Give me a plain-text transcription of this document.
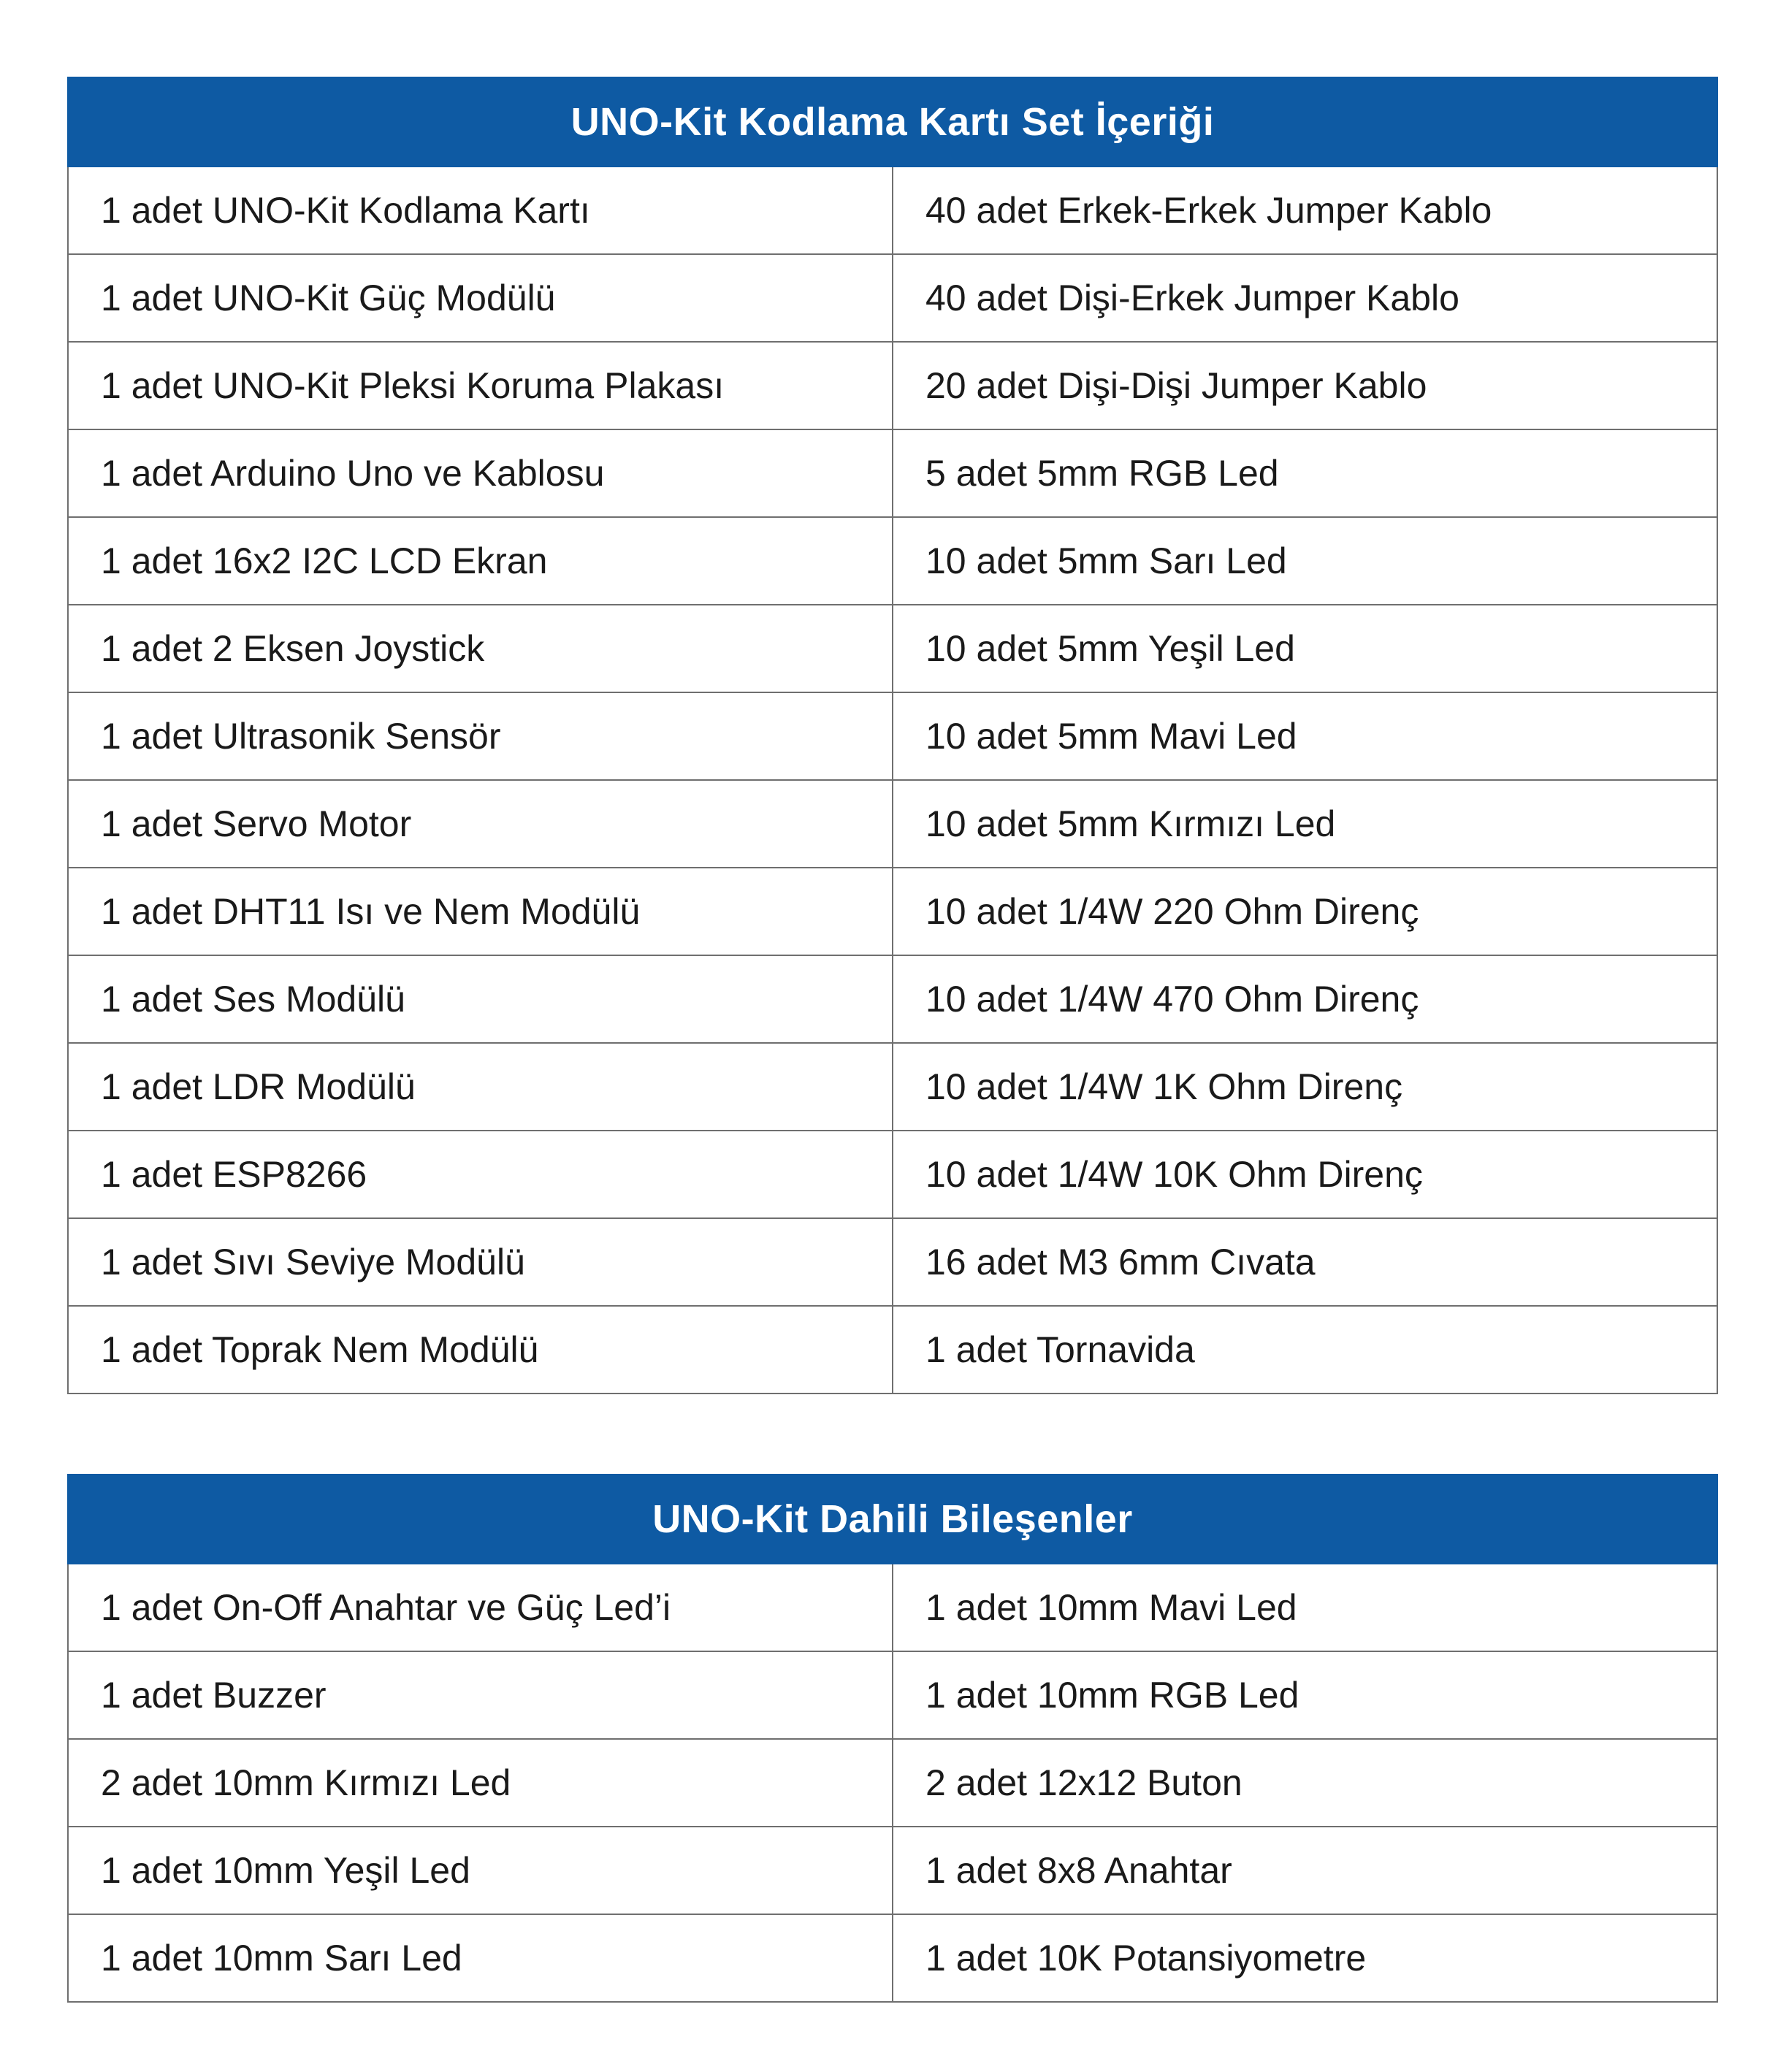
UNO-Kit Kodlama Kartı Set İçeriği	
1 adet UNO-Kit Kodlama Kartı	40 adet Erkek-Erkek Jumper Kablo
1 adet UNO-Kit Güç Modülü	40 adet Dişi-Erkek Jumper Kablo
1 adet UNO-Kit Pleksi Koruma Plakası	20 adet Dişi-Dişi Jumper Kablo
1 adet Arduino Uno ve Kablosu	5 adet 5mm RGB Led
1 adet 16x2 I2C LCD Ekran	10 adet 5mm Sarı Led
1 adet 2 Eksen Joystick	10 adet 5mm Yeşil Led
1 adet Ultrasonik Sensör	10 adet 5mm Mavi Led
1 adet Servo Motor	10 adet 5mm Kırmızı Led
1 adet DHT11 Isı ve Nem Modülü	10 adet 1/4W 220 Ohm Direnç
1 adet Ses Modülü	10 adet 1/4W 470 Ohm Direnç
1 adet LDR Modülü	10 adet 1/4W 1K Ohm Direnç
1 adet ESP8266	10 adet 1/4W 10K Ohm Direnç
1 adet Sıvı Seviye Modülü	16 adet M3 6mm Cıvata
1 adet Toprak Nem Modülü	1 adet Tornavida
UNO-Kit Dahili Bileşenler	
1 adet On-Off Anahtar ve Güç Led’i	1 adet 10mm Mavi Led
1 adet Buzzer	1 adet 10mm RGB Led
2 adet 10mm Kırmızı Led	2 adet 12x12 Buton
1 adet 10mm Yeşil Led	1 adet 8x8 Anahtar
1 adet 10mm Sarı Led	1 adet 10K Potansiyometre
